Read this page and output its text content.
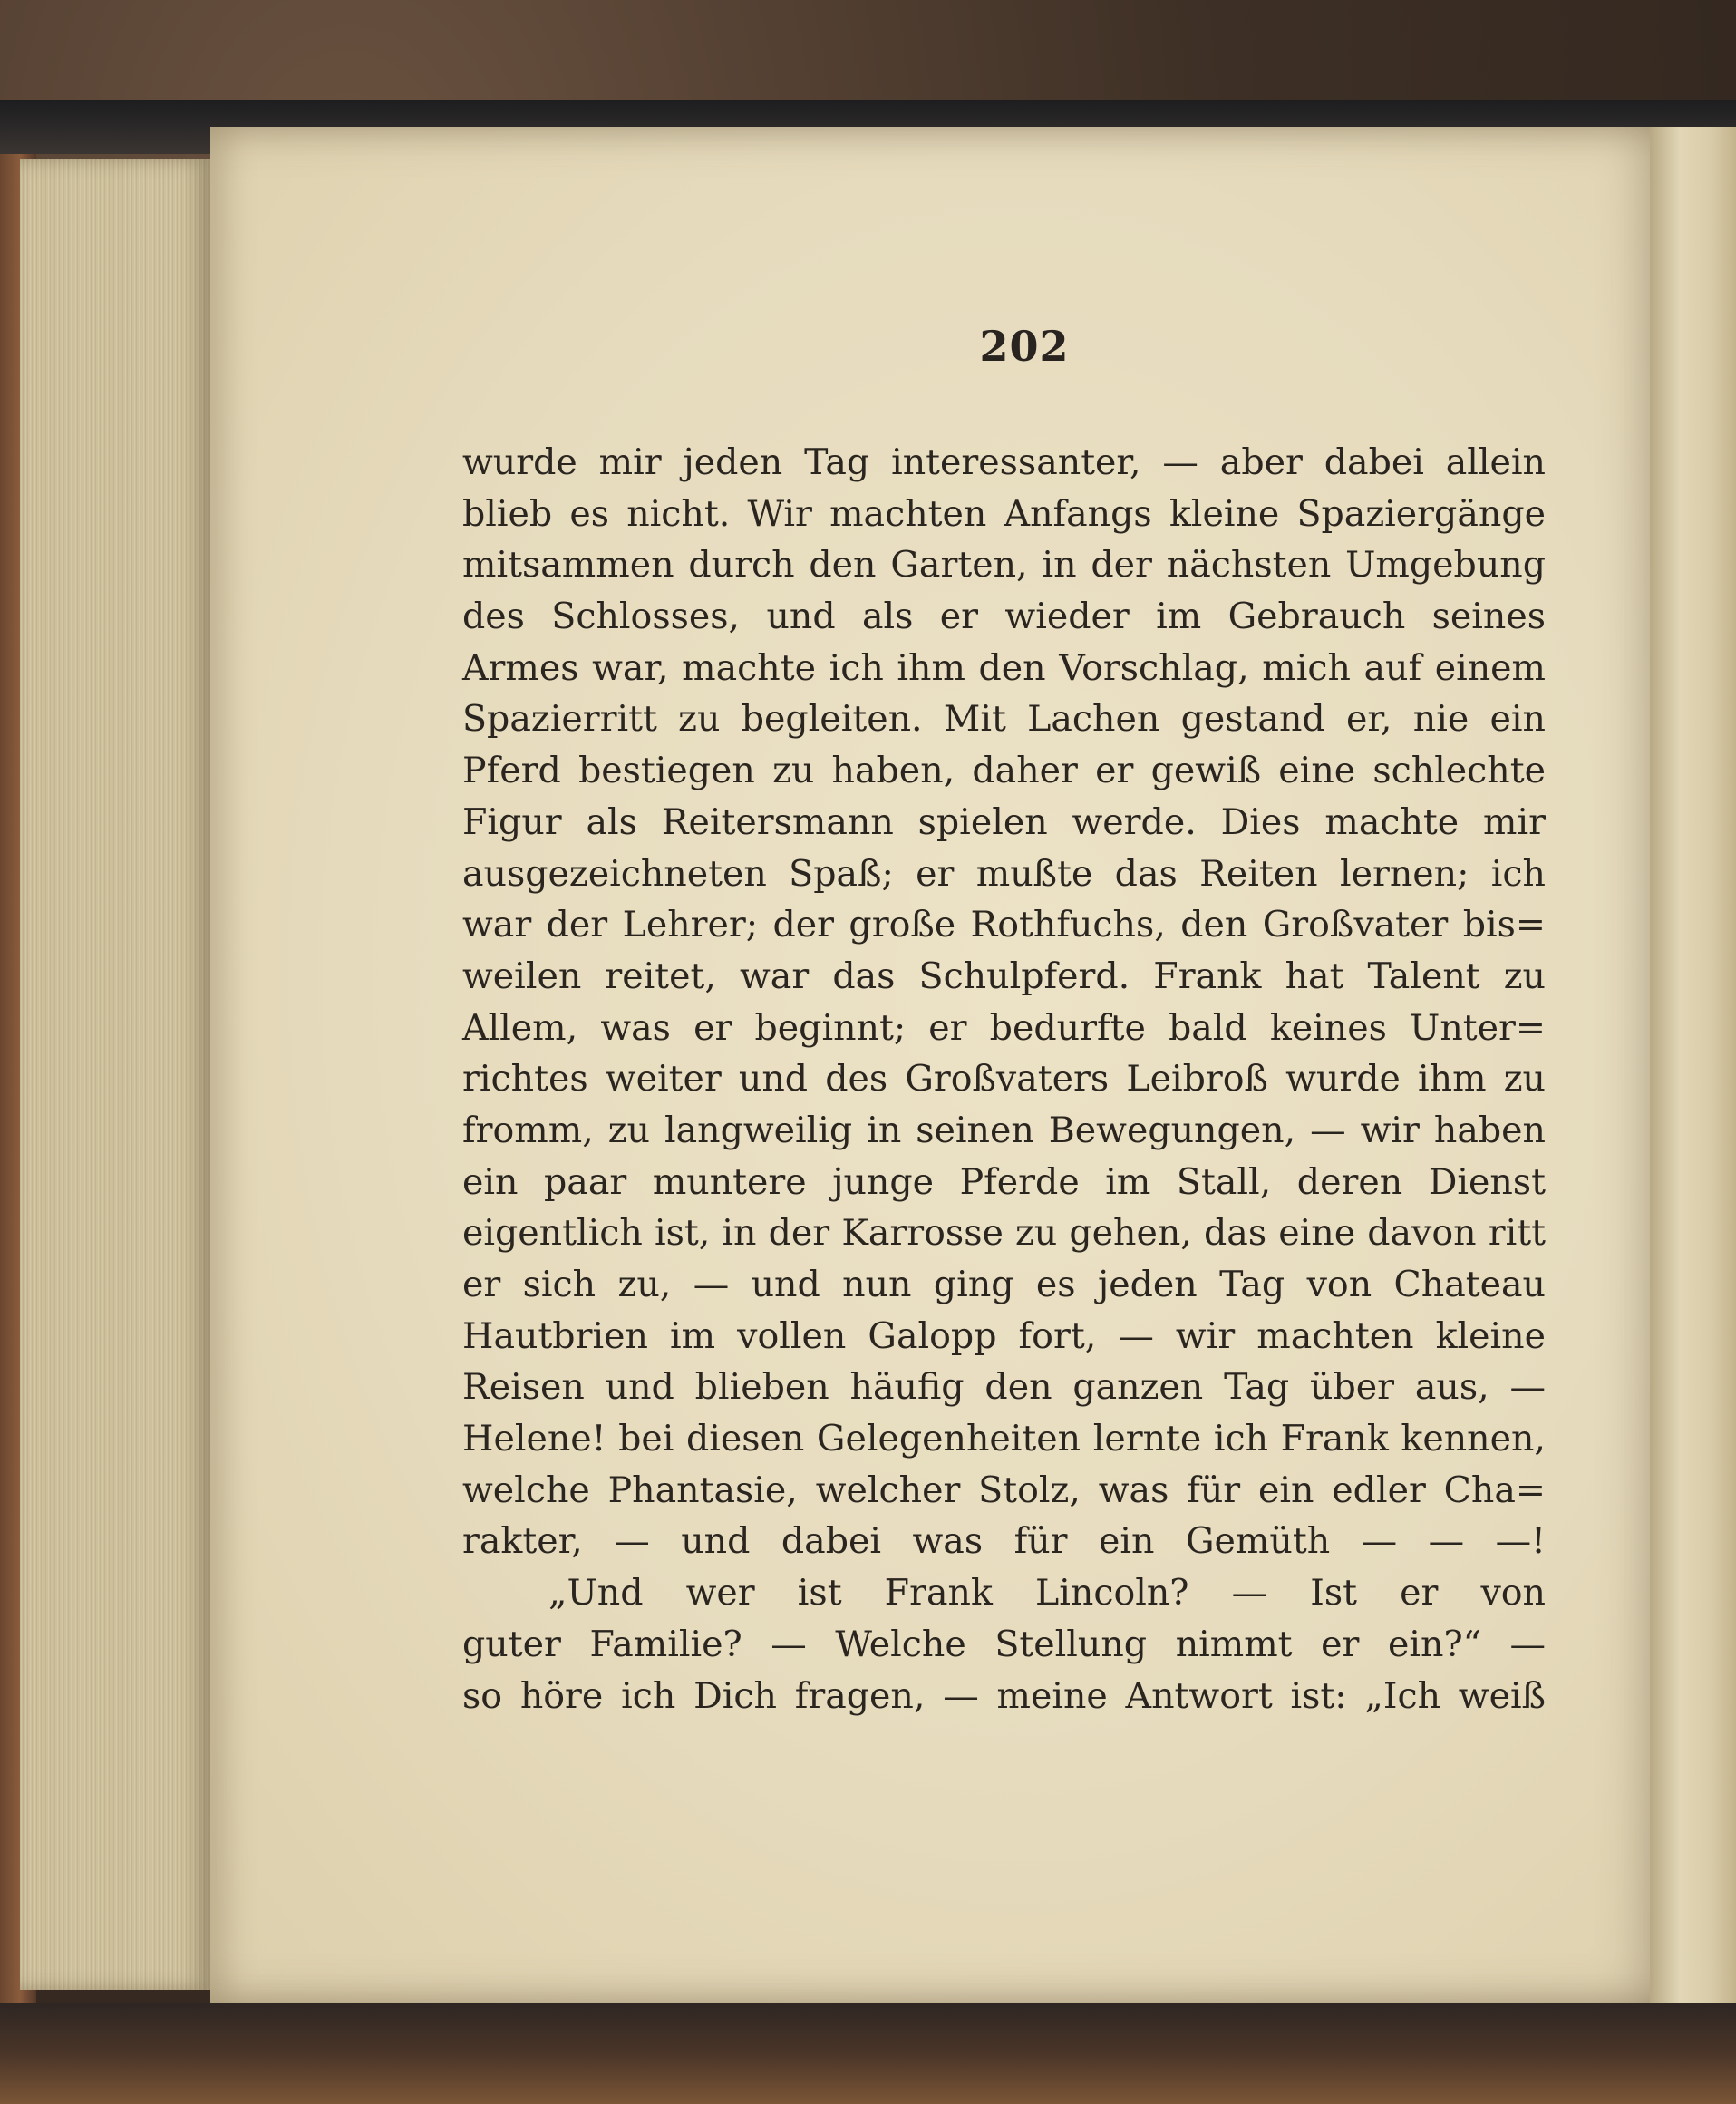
202
wurde mir jeden Tag interessanter, — aber dabei allein
blieb es nicht. Wir machten Anfangs kleine Spaziergänge
mitsammen durch den Garten, in der nächsten Umgebung
des Schlosses, und als er wieder im Gebrauch seines
Armes war, machte ich ihm den Vorschlag, mich auf einem
Spazierritt zu begleiten. Mit Lachen gestand er, nie ein
Pferd bestiegen zu haben, daher er gewiß eine schlechte
Figur als Reitersmann spielen werde. Dies machte mir
ausgezeichneten Spaß; er mußte das Reiten lernen; ich
war der Lehrer; der große Rothfuchs, den Großvater bis=
weilen reitet, war das Schulpferd. Frank hat Talent zu
Allem, was er beginnt; er bedurfte bald keines Unter=
richtes weiter und des Großvaters Leibroß wurde ihm zu
fromm, zu langweilig in seinen Bewegungen, — wir haben
ein paar muntere junge Pferde im Stall, deren Dienst
eigentlich ist, in der Karrosse zu gehen, das eine davon ritt
er sich zu, — und nun ging es jeden Tag von Chateau
Hautbrien im vollen Galopp fort, — wir machten kleine
Reisen und blieben häufig den ganzen Tag über aus, —
Helene! bei diesen Gelegenheiten lernte ich Frank kennen,
welche Phantasie, welcher Stolz, was für ein edler Cha=
rakter, — und dabei was für ein Gemüth — — —!
„Und wer ist Frank Lincoln? — Ist er von
guter Familie? — Welche Stellung nimmt er ein?“ —
so höre ich Dich fragen, — meine Antwort ist: „Ich weiß
